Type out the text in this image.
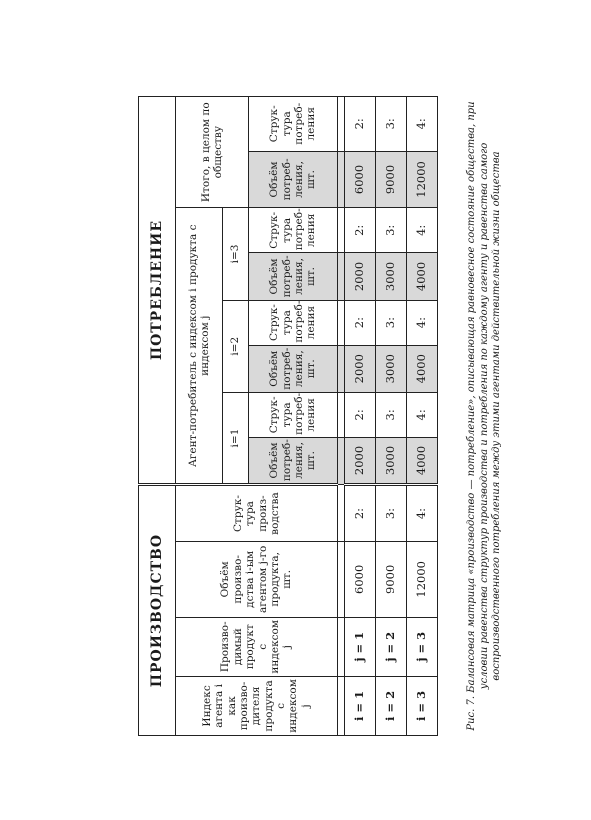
ПРОИЗВОДСТВО				ПОТРЕБЛЕНИЕ							
Индекс агента i как произво-дителя продукта с индексом j	Произво-димый продукт с индексом j	Объём произво-дства i-ым агентом j-го продукта, шт.	Струк-тура произ-водства	Агент-потребитель с индексом i продукта с индексом j						Итого, в целом по обществу	
				i=1		i=2		i=3			
				Объём потреб-ления, шт.	Струк-тура потреб-ления	Объём потреб-ления, шт.	Струк-тура потреб-ления	Объём потреб-ления, шт.	Струк-тура потреб-ления	Объём потреб-ления, шт.	Струк-тура потреб-ления

i = 1	j = 1	6000	2:	2000	2:	2000	2:	2000	2:	6000	2:
i = 2	j = 2	9000	3:	3000	3:	3000	3:	3000	3:	9000	3:
i = 3	j = 3	12000	4:	4000	4:	4000	4:	4000	4:	12000	4:	Рис. 7. Балансовая матрица «производство — потребление», описывающая равновесное состояние общества, при условии равенства структур производства и потребления по каждому агенту и равенства самого воспроизводственного потребления между этими агентами действительной жизни общества
